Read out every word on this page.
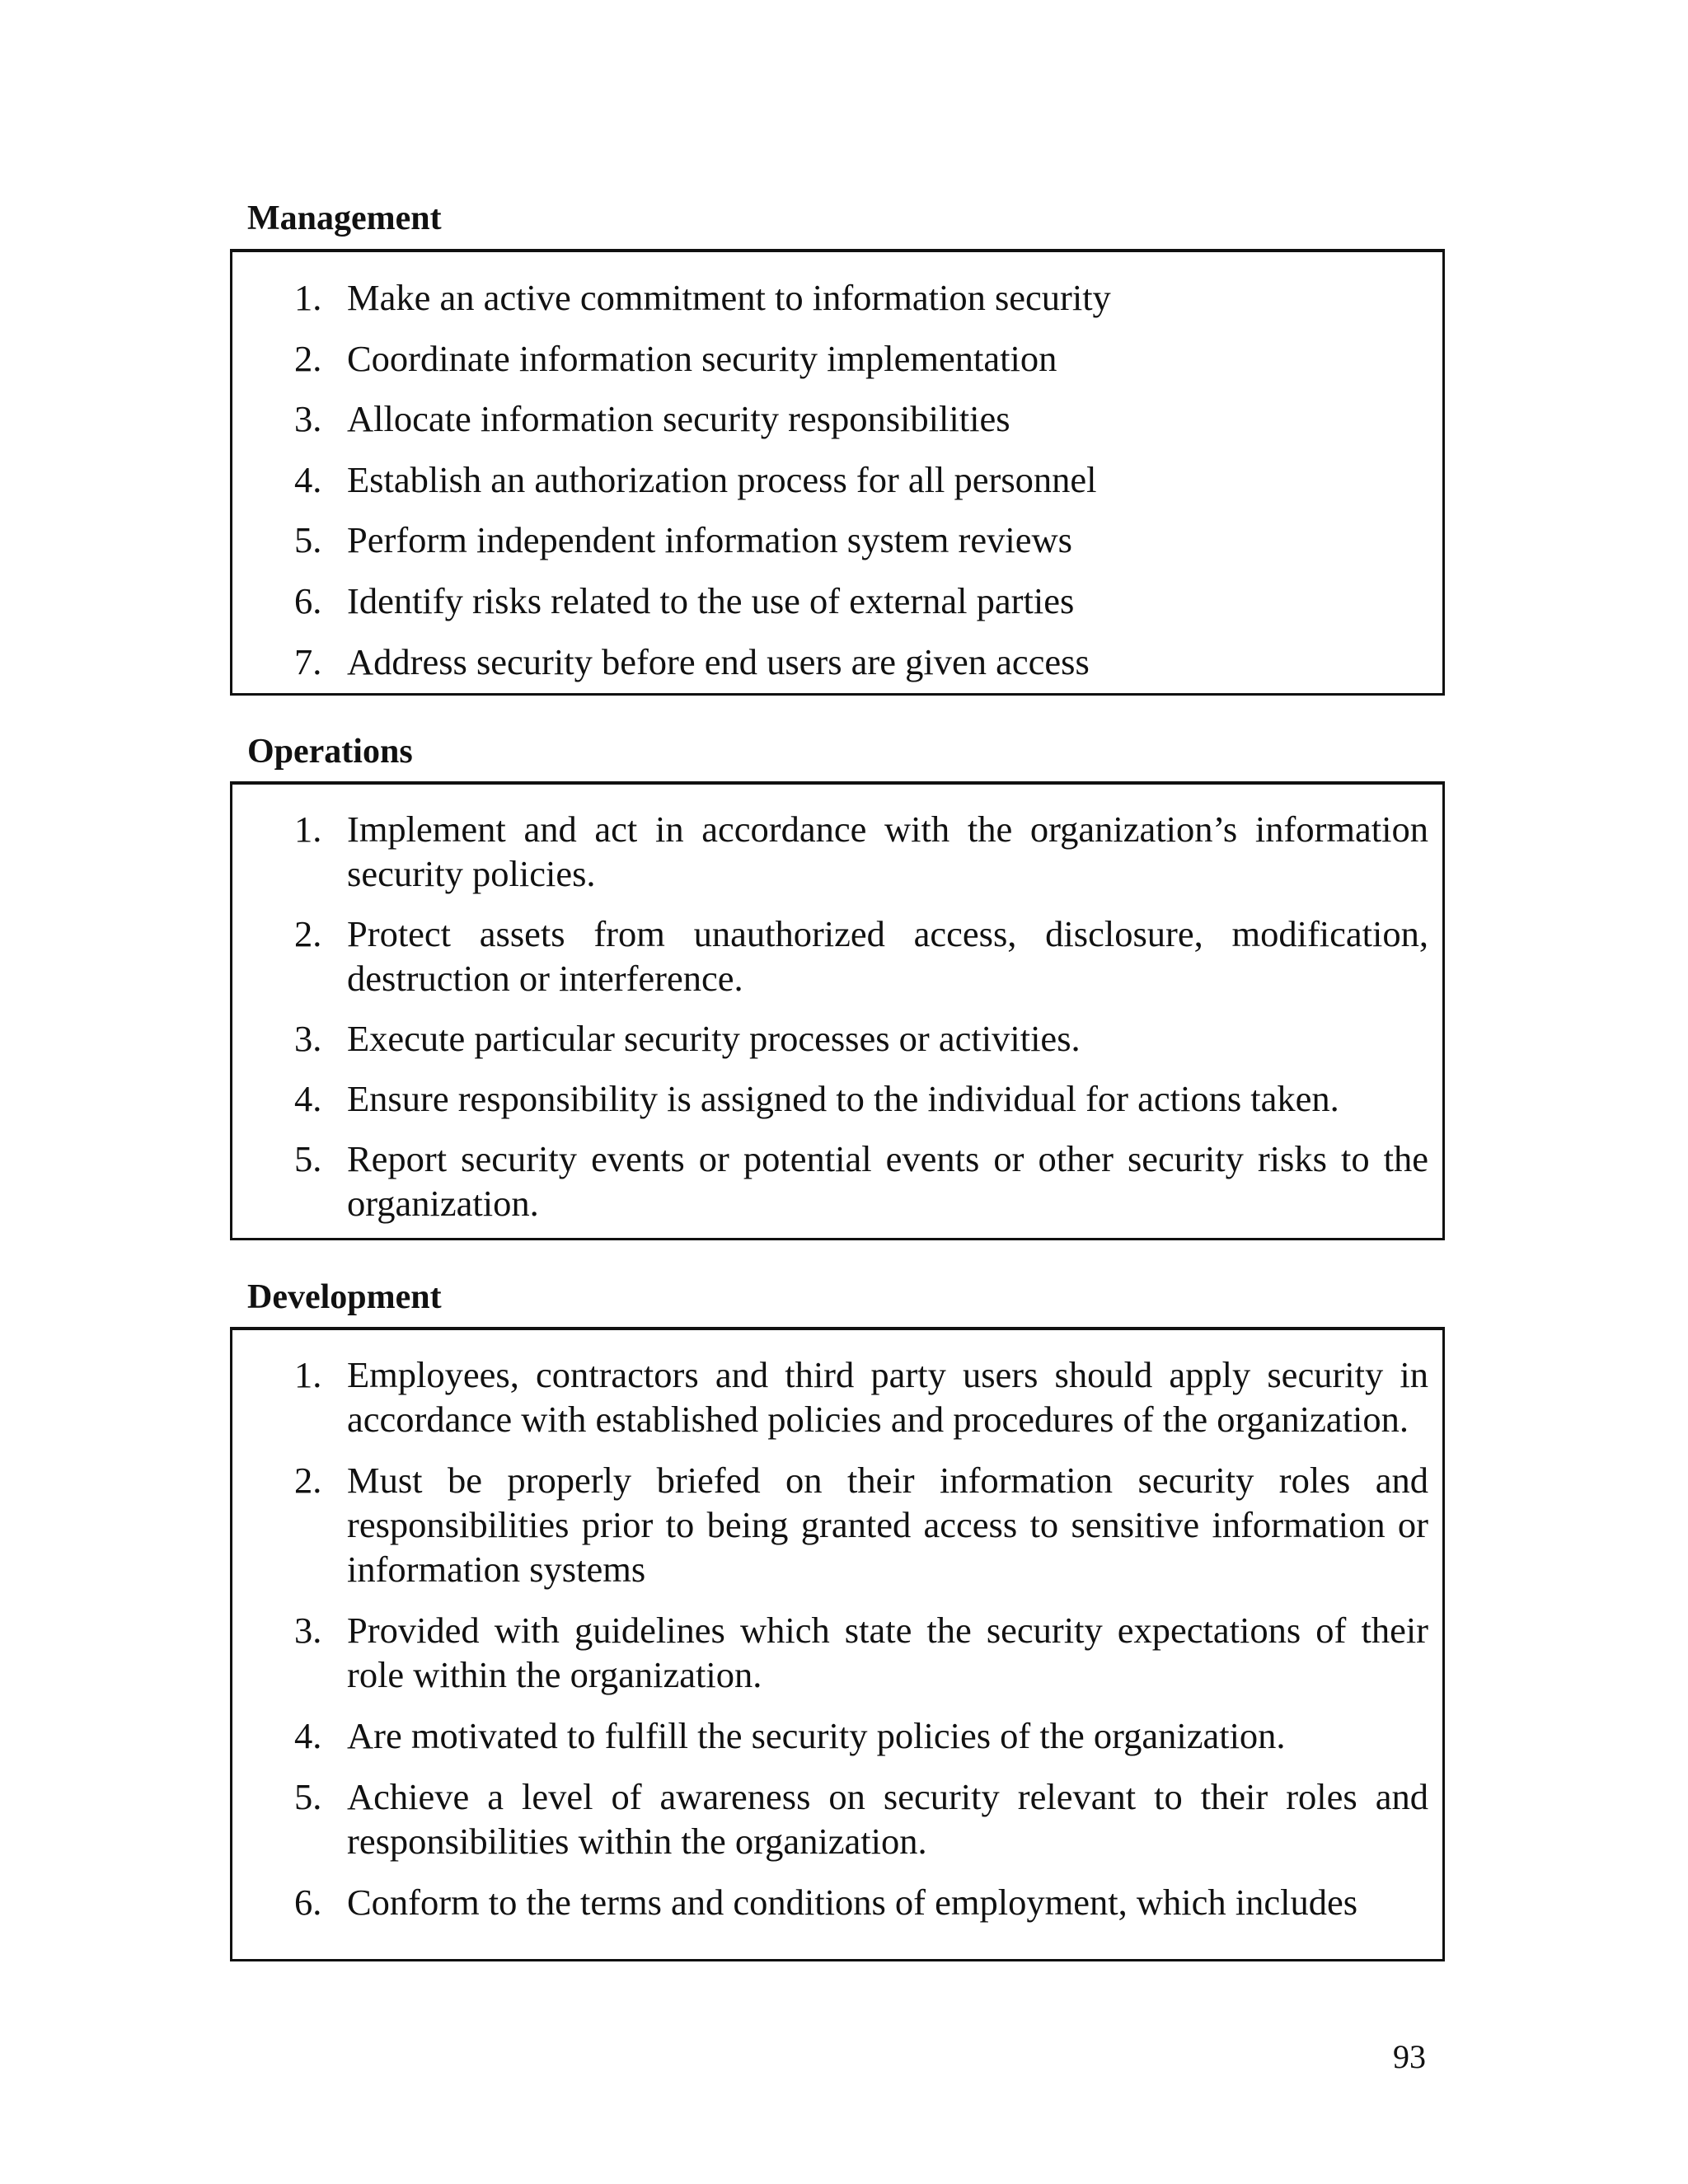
Management
1. Make an active commitment to information security
2. Coordinate information security implementation
3. Allocate information security responsibilities
4. Establish an authorization process for all personnel
5. Perform independent information system reviews
6. Identify risks related to the use of external parties
7. Address security before end users are given access
Operations
1. Implement and act in accordance with the organization’s information security policies.
2. Protect assets from unauthorized access, disclosure, modification, destruction or interference.
3. Execute particular security processes or activities.
4. Ensure responsibility is assigned to the individual for actions taken.
5. Report security events or potential events or other security risks to the organization.
Development
1. Employees, contractors and third party users should apply security in accordance with established policies and procedures of the organization.
2. Must be properly briefed on their information security roles and responsibilities prior to being granted access to sensitive information or information systems
3. Provided with guidelines which state the security expectations of their role within the organization.
4. Are motivated to fulfill the security policies of the organization.
5. Achieve a level of awareness on security relevant to their roles and responsibilities within the organization.
6. Conform to the terms and conditions of employment, which includes

93
